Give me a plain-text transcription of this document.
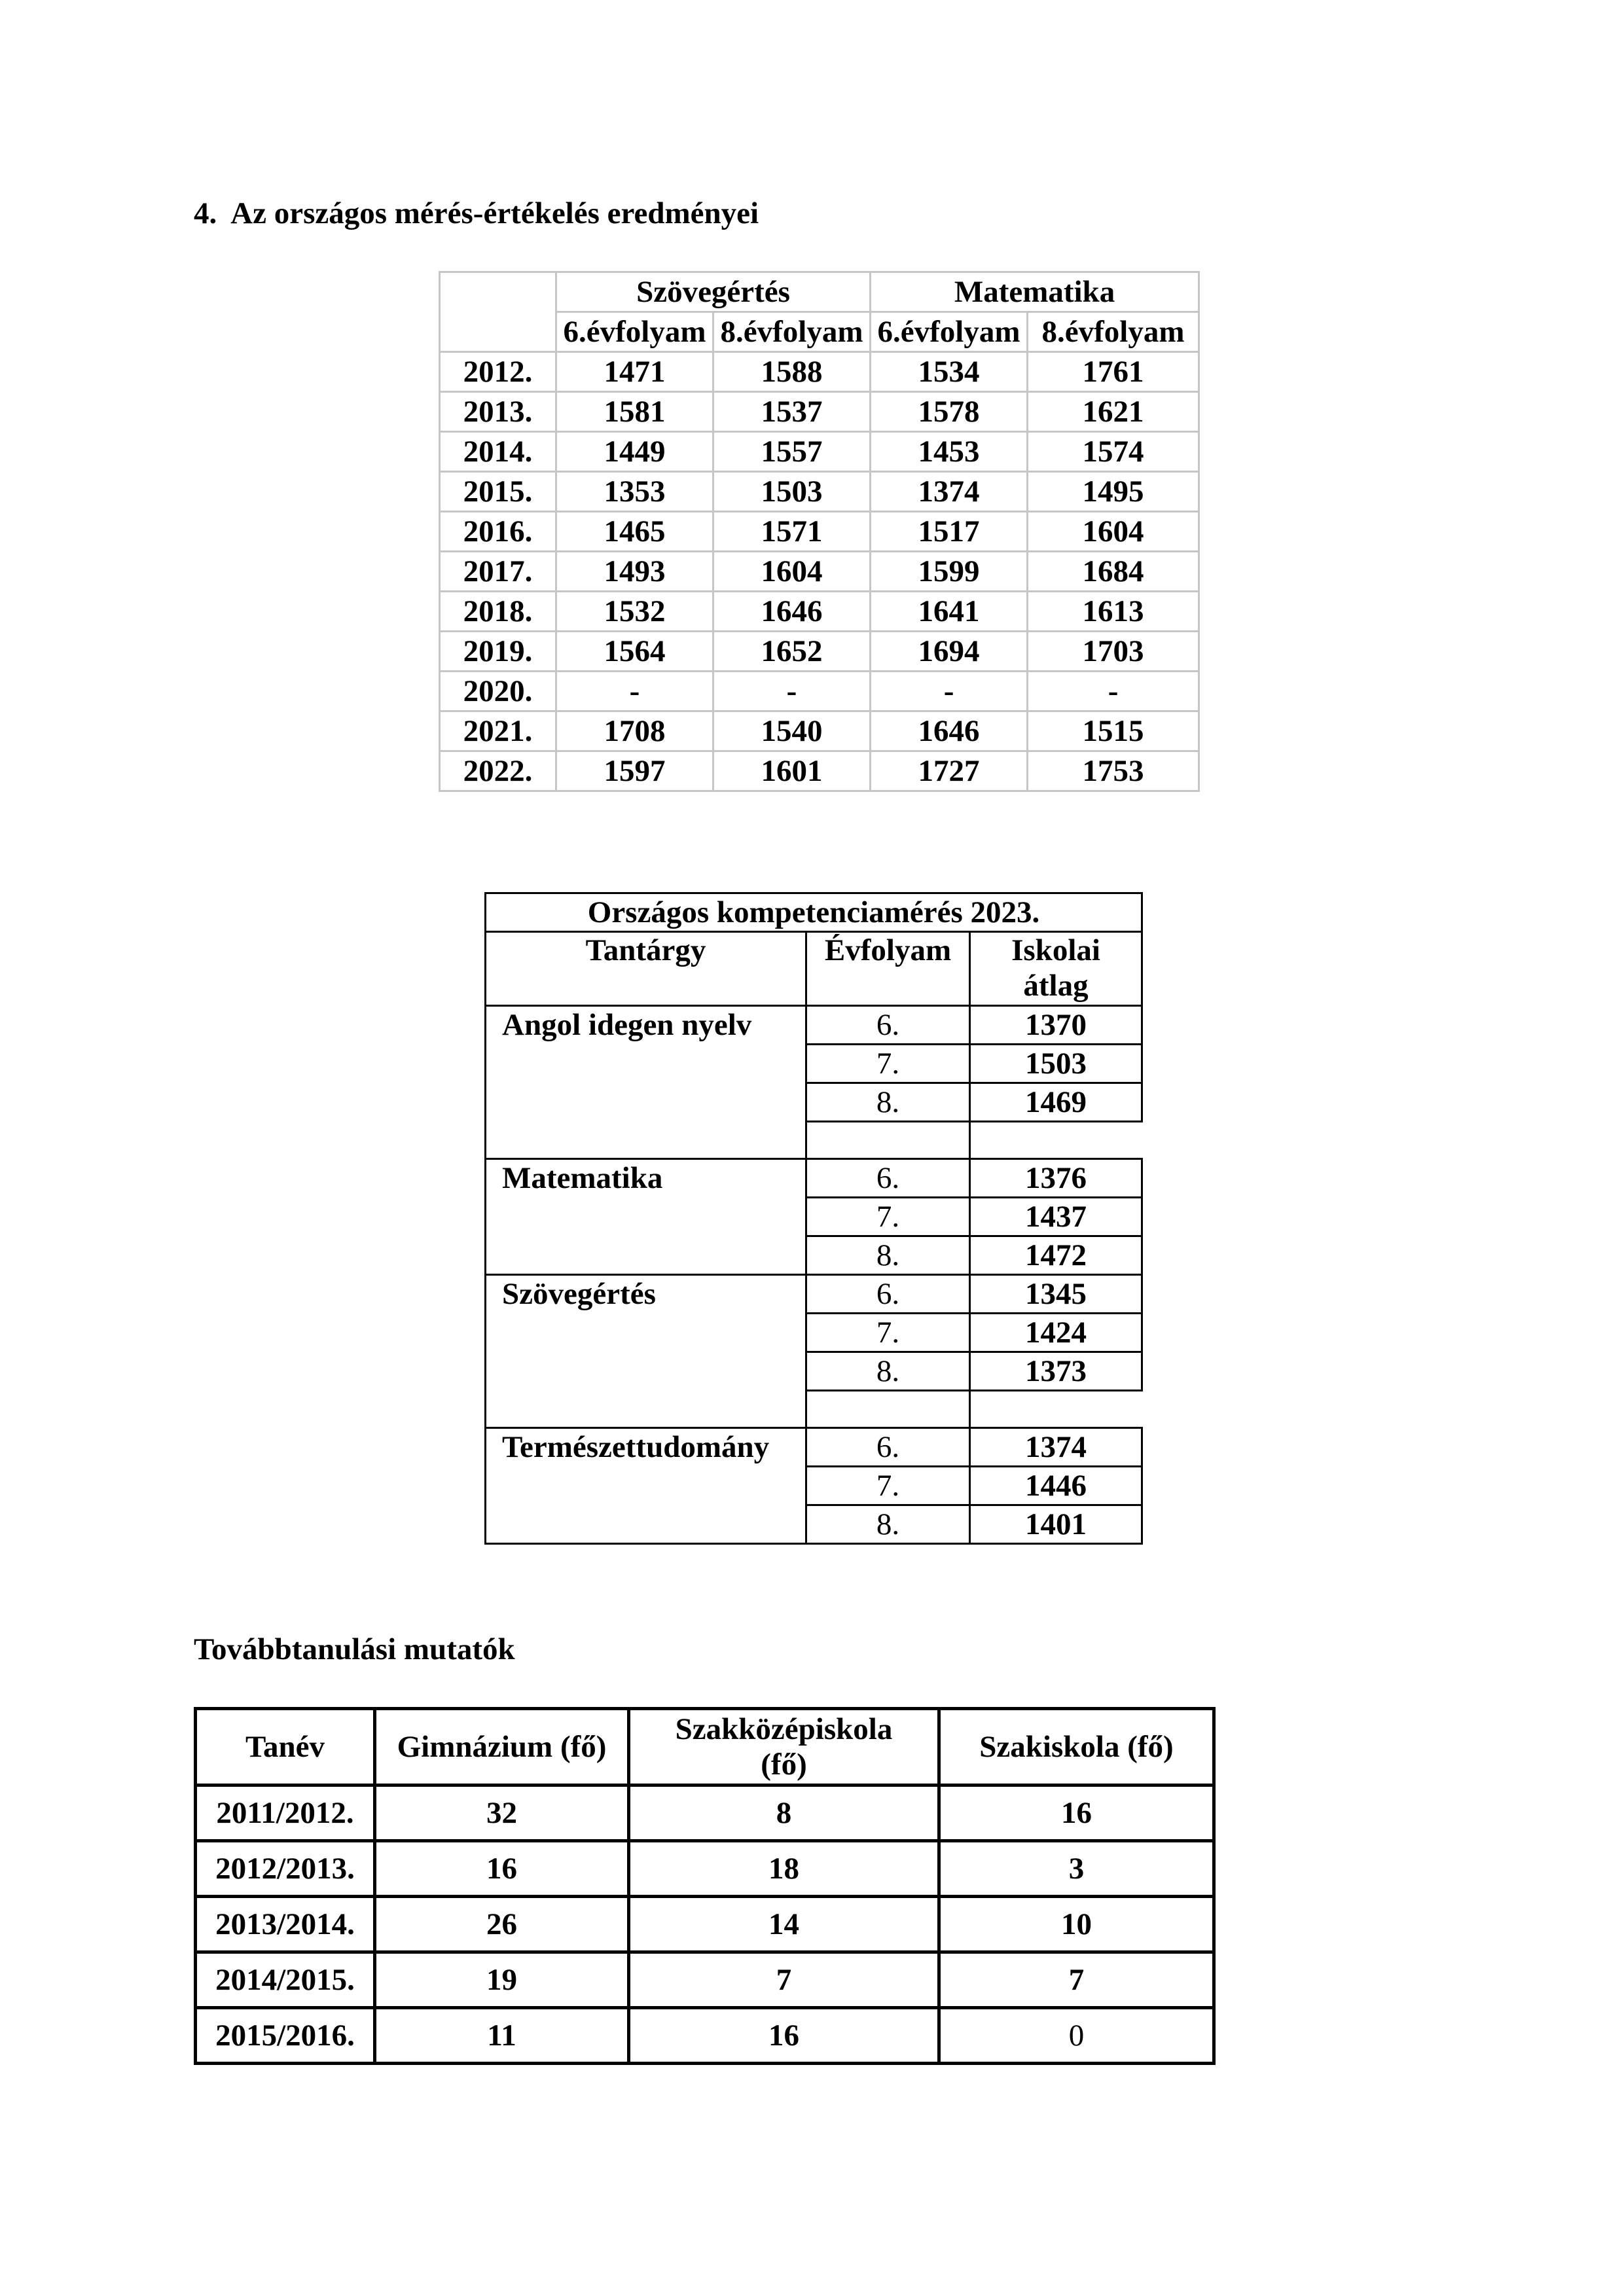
4. Az országos mérés-értékelés eredményei
	Szövegértés		Matematika	
	6.évfolyam	8.évfolyam	6.évfolyam	8.évfolyam
2012.	1471	1588	1534	1761
2013.	1581	1537	1578	1621
2014.	1449	1557	1453	1574
2015.	1353	1503	1374	1495
2016.	1465	1571	1517	1604
2017.	1493	1604	1599	1684
2018.	1532	1646	1641	1613
2019.	1564	1652	1694	1703
2020.	-	-	-	-
2021.	1708	1540	1646	1515
2022.	1597	1601	1727	1753
Országos kompetenciamérés 2023.		
Tantárgy	Évfolyam	Iskolai
átlag
Angol idegen nyelv	6.	1370
	7.	1503
	8.	1469

Matematika	6.	1376
	7.	1437
	8.	1472
Szövegértés	6.	1345
	7.	1424
	8.	1373

Természettudomány	6.	1374
	7.	1446
	8.	1401
Továbbtanulási mutatók
Tanév	Gimnázium (fő)	Szakközépiskola
(fő)	Szakiskola (fő)
2011/2012.	32	8	16
2012/2013.	16	18	3
2013/2014.	26	14	10
2014/2015.	19	7	7
2015/2016.	11	16	0
